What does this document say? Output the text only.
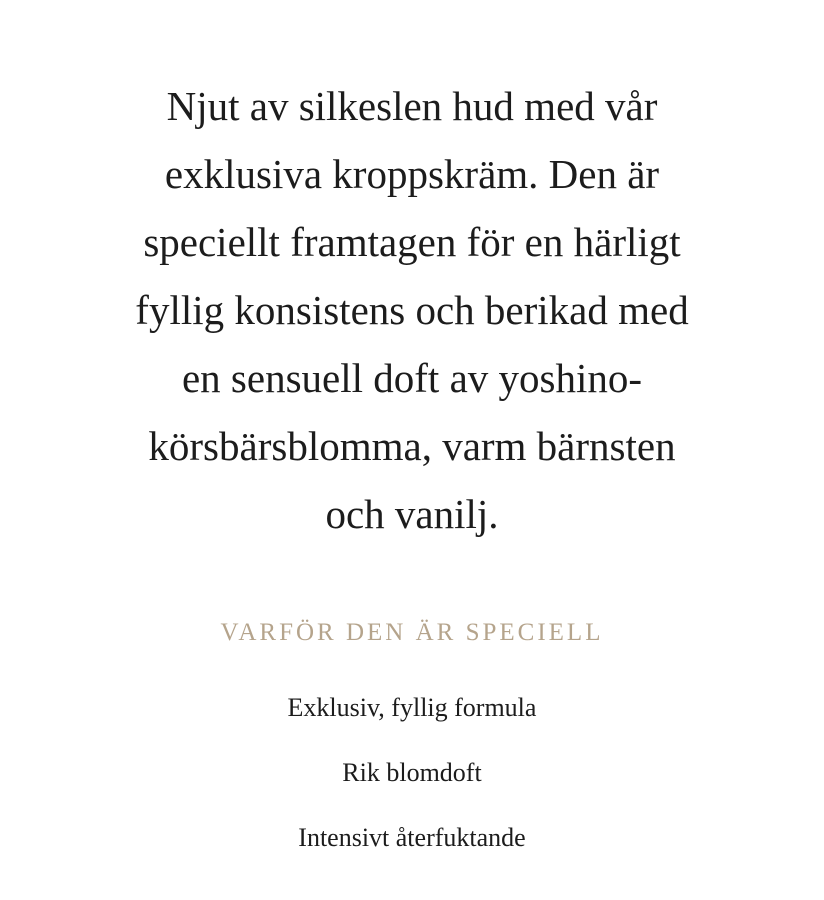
Njut av silkeslen hud med vår
exklusiva kroppskräm. Den är
speciellt framtagen för en härligt
fyllig konsistens och berikad med
en sensuell doft av yoshino-
körsbärsblomma, varm bärnsten
och vanilj.

VARFÖR DEN ÄR SPECIELL
Exklusiv, fyllig formula
Rik blomdoft
Intensivt återfuktande
